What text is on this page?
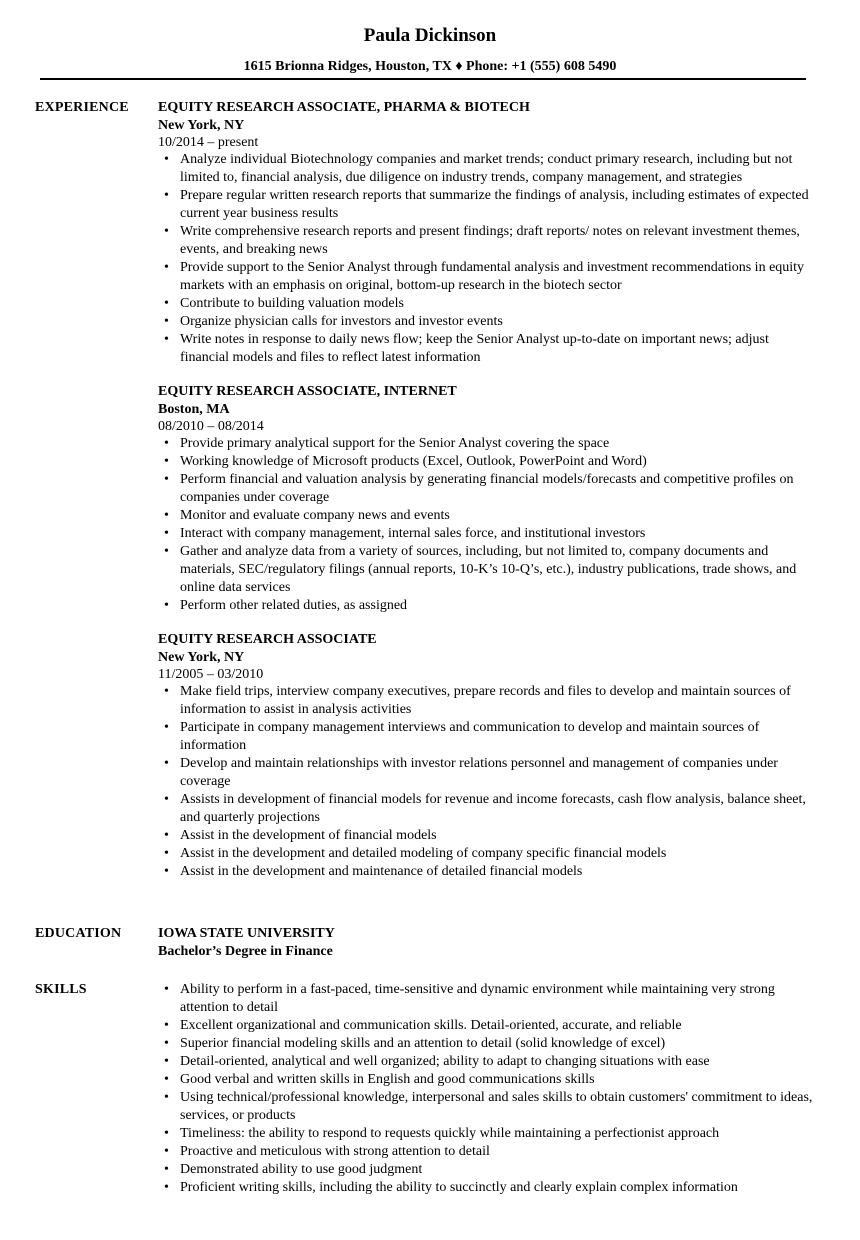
Paula Dickinson
1615 Brionna Ridges, Houston, TX ♦ Phone: +1 (555) 608 5490
EXPERIENCE EQUITY RESEARCH ASSOCIATE, PHARMA & BIOTECH
New York, NY
10/2014 – present
• Analyze individual Biotechnology companies and market trends; conduct primary research, including but not limited to, financial analysis, due diligence on industry trends, company management, and strategies
• Prepare regular written research reports that summarize the findings of analysis, including estimates of expected current year business results
• Write comprehensive research reports and present findings; draft reports/ notes on relevant investment themes, events, and breaking news
• Provide support to the Senior Analyst through fundamental analysis and investment recommendations in equity markets with an emphasis on original, bottom-up research in the biotech sector
• Contribute to building valuation models
• Organize physician calls for investors and investor events
• Write notes in response to daily news flow; keep the Senior Analyst up-to-date on important news; adjust financial models and files to reflect latest information
EQUITY RESEARCH ASSOCIATE, INTERNET
Boston, MA
08/2010 – 08/2014
• Provide primary analytical support for the Senior Analyst covering the space
• Working knowledge of Microsoft products (Excel, Outlook, PowerPoint and Word)
• Perform financial and valuation analysis by generating financial models/forecasts and competitive profiles on companies under coverage
• Monitor and evaluate company news and events
• Interact with company management, internal sales force, and institutional investors
• Gather and analyze data from a variety of sources, including, but not limited to, company documents and materials, SEC/regulatory filings (annual reports, 10-K’s 10-Q’s, etc.), industry publications, trade shows, and online data services
• Perform other related duties, as assigned
EQUITY RESEARCH ASSOCIATE
New York, NY
11/2005 – 03/2010
• Make field trips, interview company executives, prepare records and files to develop and maintain sources of information to assist in analysis activities
• Participate in company management interviews and communication to develop and maintain sources of information
• Develop and maintain relationships with investor relations personnel and management of companies under coverage
• Assists in development of financial models for revenue and income forecasts, cash flow analysis, balance sheet, and quarterly projections
• Assist in the development of financial models
• Assist in the development and detailed modeling of company specific financial models
• Assist in the development and maintenance of detailed financial models
EDUCATION	IOWA STATE UNIVERSITY
Bachelor’s Degree in Finance
SKILLS
•	Ability to perform in a fast-paced, time-sensitive and dynamic environment while maintaining very strong attention to detail
• Excellent organizational and communication skills. Detail-oriented, accurate, and reliable
• Superior financial modeling skills and an attention to detail (solid knowledge of excel)
• Detail-oriented, analytical and well organized; ability to adapt to changing situations with ease
• Good verbal and written skills in English and good communications skills
• Using technical/professional knowledge, interpersonal and sales skills to obtain customers' commitment to ideas, services, or products
• Timeliness: the ability to respond to requests quickly while maintaining a perfectionist approach
• Proactive and meticulous with strong attention to detail
• Demonstrated ability to use good judgment
• Proficient writing skills, including the ability to succinctly and clearly explain complex information
